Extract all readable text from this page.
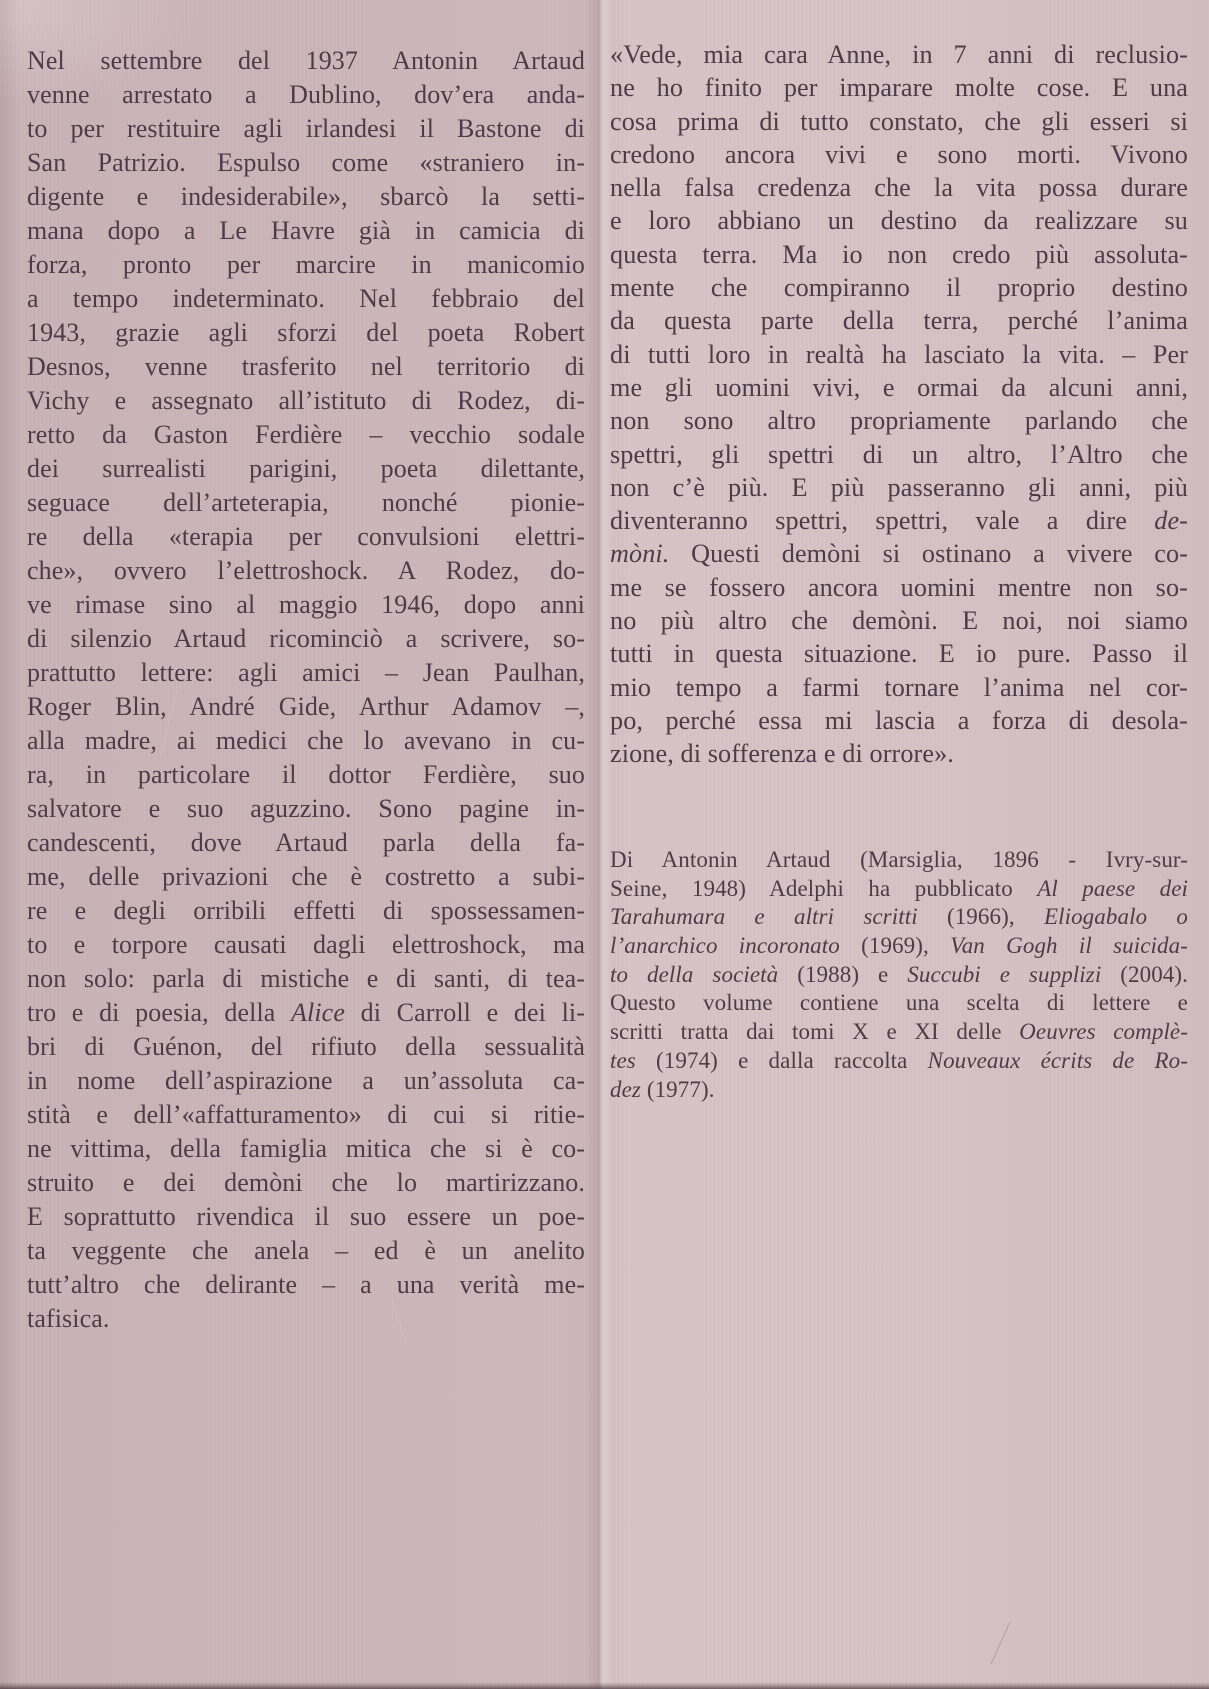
Nel settembre del 1937 Antonin Artaud
venne arrestato a Dublino, dov’era anda-
to per restituire agli irlandesi il Bastone di
San Patrizio. Espulso come «straniero in-
digente e indesiderabile», sbarcò la setti-
mana dopo a Le Havre già in camicia di
forza, pronto per marcire in manicomio
a tempo indeterminato. Nel febbraio del
1943, grazie agli sforzi del poeta Robert
Desnos, venne trasferito nel territorio di
Vichy e assegnato all’istituto di Rodez, di-
retto da Gaston Ferdière – vecchio sodale
dei surrealisti parigini, poeta dilettante,
seguace dell’arteterapia, nonché pionie-
re della «terapia per convulsioni elettri-
che», ovvero l’elettroshock. A Rodez, do-
ve rimase sino al maggio 1946, dopo anni
di silenzio Artaud ricominciò a scrivere, so-
prattutto lettere: agli amici – Jean Paulhan,
Roger Blin, André Gide, Arthur Adamov –,
alla madre, ai medici che lo avevano in cu-
ra, in particolare il dottor Ferdière, suo
salvatore e suo aguzzino. Sono pagine in-
candescenti, dove Artaud parla della fa-
me, delle privazioni che è costretto a subi-
re e degli orribili effetti di spossessamen-
to e torpore causati dagli elettroshock, ma
non solo: parla di mistiche e di santi, di tea-
tro e di poesia, della Alice di Carroll e dei li-
bri di Guénon, del rifiuto della sessualità
in nome dell’aspirazione a un’assoluta ca-
stità e dell’«affatturamento» di cui si ritie-
ne vittima, della famiglia mitica che si è co-
struito e dei demòni che lo martirizzano.
E soprattutto rivendica il suo essere un poe-
ta veggente che anela – ed è un anelito
tutt’altro che delirante – a una verità me-
tafisica.
«Vede, mia cara Anne, in 7 anni di reclusio-
ne ho finito per imparare molte cose. E una
cosa prima di tutto constato, che gli esseri si
credono ancora vivi e sono morti. Vivono
nella falsa credenza che la vita possa durare
e loro abbiano un destino da realizzare su
questa terra. Ma io non credo più assoluta-
mente che compiranno il proprio destino
da questa parte della terra, perché l’anima
di tutti loro in realtà ha lasciato la vita. – Per
me gli uomini vivi, e ormai da alcuni anni,
non sono altro propriamente parlando che
spettri, gli spettri di un altro, l’Altro che
non c’è più. E più passeranno gli anni, più
diventeranno spettri, spettri, vale a dire de-
mòni. Questi demòni si ostinano a vivere co-
me se fossero ancora uomini mentre non so-
no più altro che demòni. E noi, noi siamo
tutti in questa situazione. E io pure. Passo il
mio tempo a farmi tornare l’anima nel cor-
po, perché essa mi lascia a forza di desola-
zione, di sofferenza e di orrore».
Di Antonin Artaud (Marsiglia, 1896 - Ivry-sur-
Seine, 1948) Adelphi ha pubblicato Al paese dei
Tarahumara e altri scritti (1966), Eliogabalo o
l’anarchico incoronato (1969), Van Gogh il suicida-
to della società (1988) e Succubi e supplizi (2004).
Questo volume contiene una scelta di lettere e
scritti tratta dai tomi X e XI delle Oeuvres complè-
tes (1974) e dalla raccolta Nouveaux écrits de Ro-
dez (1977).
